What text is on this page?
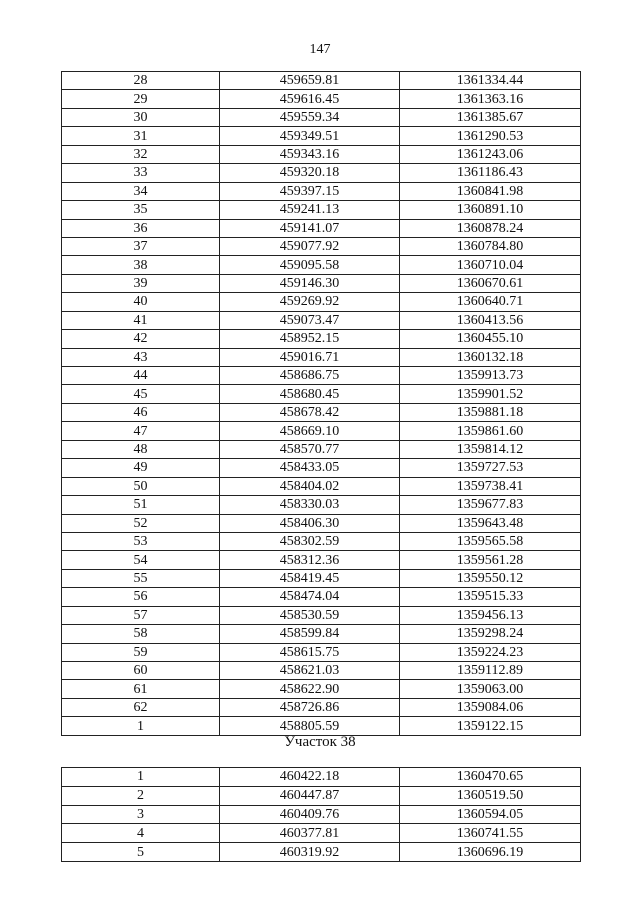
147
28	459659.81	1361334.44
29	459616.45	1361363.16
30	459559.34	1361385.67
31	459349.51	1361290.53
32	459343.16	1361243.06
33	459320.18	1361186.43
34	459397.15	1360841.98
35	459241.13	1360891.10
36	459141.07	1360878.24
37	459077.92	1360784.80
38	459095.58	1360710.04
39	459146.30	1360670.61
40	459269.92	1360640.71
41	459073.47	1360413.56
42	458952.15	1360455.10
43	459016.71	1360132.18
44	458686.75	1359913.73
45	458680.45	1359901.52
46	458678.42	1359881.18
47	458669.10	1359861.60
48	458570.77	1359814.12
49	458433.05	1359727.53
50	458404.02	1359738.41
51	458330.03	1359677.83
52	458406.30	1359643.48
53	458302.59	1359565.58
54	458312.36	1359561.28
55	458419.45	1359550.12
56	458474.04	1359515.33
57	458530.59	1359456.13
58	458599.84	1359298.24
59	458615.75	1359224.23
60	458621.03	1359112.89
61	458622.90	1359063.00
62	458726.86	1359084.06
1	458805.59	1359122.15
Участок 38
1	460422.18	1360470.65
2	460447.87	1360519.50
3	460409.76	1360594.05
4	460377.81	1360741.55
5	460319.92	1360696.19
